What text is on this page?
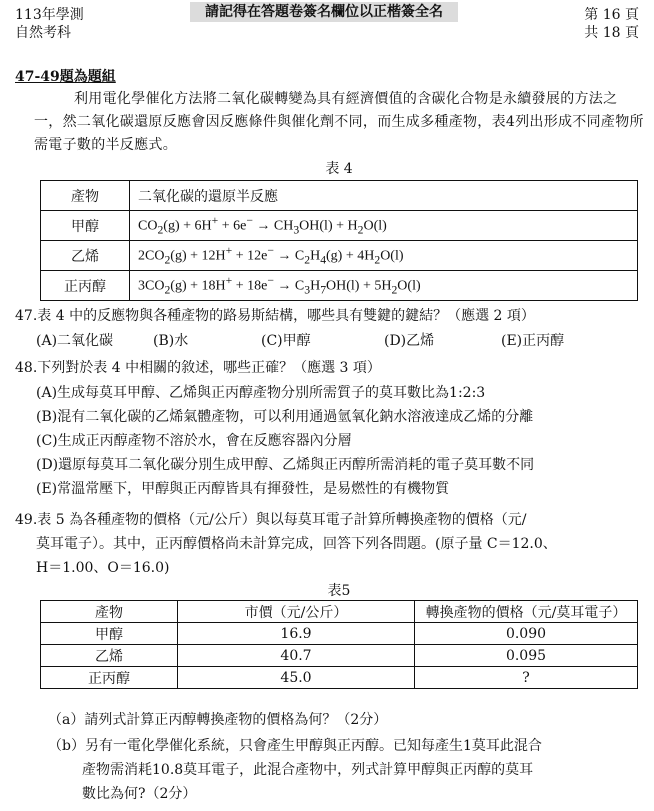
113年學測
自然考科
請記得在答題卷簽名欄位以正楷簽全名	第 16 頁
共 18 頁
47-49題為題組
利用電化學催化方法將二氧化碳轉變為具有經濟價值的含碳化合物是永續發展的方法之一，然二氧化碳還原反應會因反應條件與催化劑不同，而生成多種產物，表4列出形成不同產物所需電子數的半反應式。
表 4
產物	二氧化碳的還原半反應
甲醇	$CO_2(g) + 6H^+ + 6e^- \to CH_3OH(l) + H_2O(l)$
乙烯	$2CO_2(g) + 12H^+ + 12e^- \to C_2H_4(g) + 4H_2O(l)$
正丙醇	$3CO_2(g) + 18H^+ + 18e^- \to C_3H_7OH(l) + 5H_2O(l)$
47.表 4 中的反應物與各種產物的路易斯結構，哪些具有雙鍵的鍵結？（應選 2 項）
(A)二氧化碳	(B)水	(C)甲醇	(D)乙烯	(E)正丙醇
48.下列對於表 4 中相關的敘述，哪些正確？（應選 3 項）
(A)生成每莫耳甲醇、乙烯與正丙醇產物分別所需質子的莫耳數比為1:2:3
(B)混有二氧化碳的乙烯氣體產物，可以利用通過氫氧化鈉水溶液達成乙烯的分離
(C)生成正丙醇產物不溶於水，會在反應容器內分層
(D)還原每莫耳二氧化碳分別生成甲醇、乙烯與正丙醇所需消耗的電子莫耳數不同
(E)常溫常壓下，甲醇與正丙醇皆具有揮發性，是易燃性的有機物質
49.表 5 為各種產物的價格（元/公斤）與以每莫耳電子計算所轉換產物的價格（元/
莫耳電子）。其中，正丙醇價格尚未計算完成，回答下列各問題。(原子量 C＝12.0、
H＝1.00、O＝16.0)
表5
產物	市價（元/公斤）	轉換產物的價格（元/莫耳電子）
甲醇	16.9	0.090
乙烯	40.7	0.095
正丙醇	45.0	?
（a）請列式計算正丙醇轉換產物的價格為何？（2分）
（b）另有一電化學催化系統，只會產生甲醇與正丙醇。已知每產生1莫耳此混合
產物需消耗10.8莫耳電子，此混合產物中，列式計算甲醇與正丙醇的莫耳
數比為何?（2分）
